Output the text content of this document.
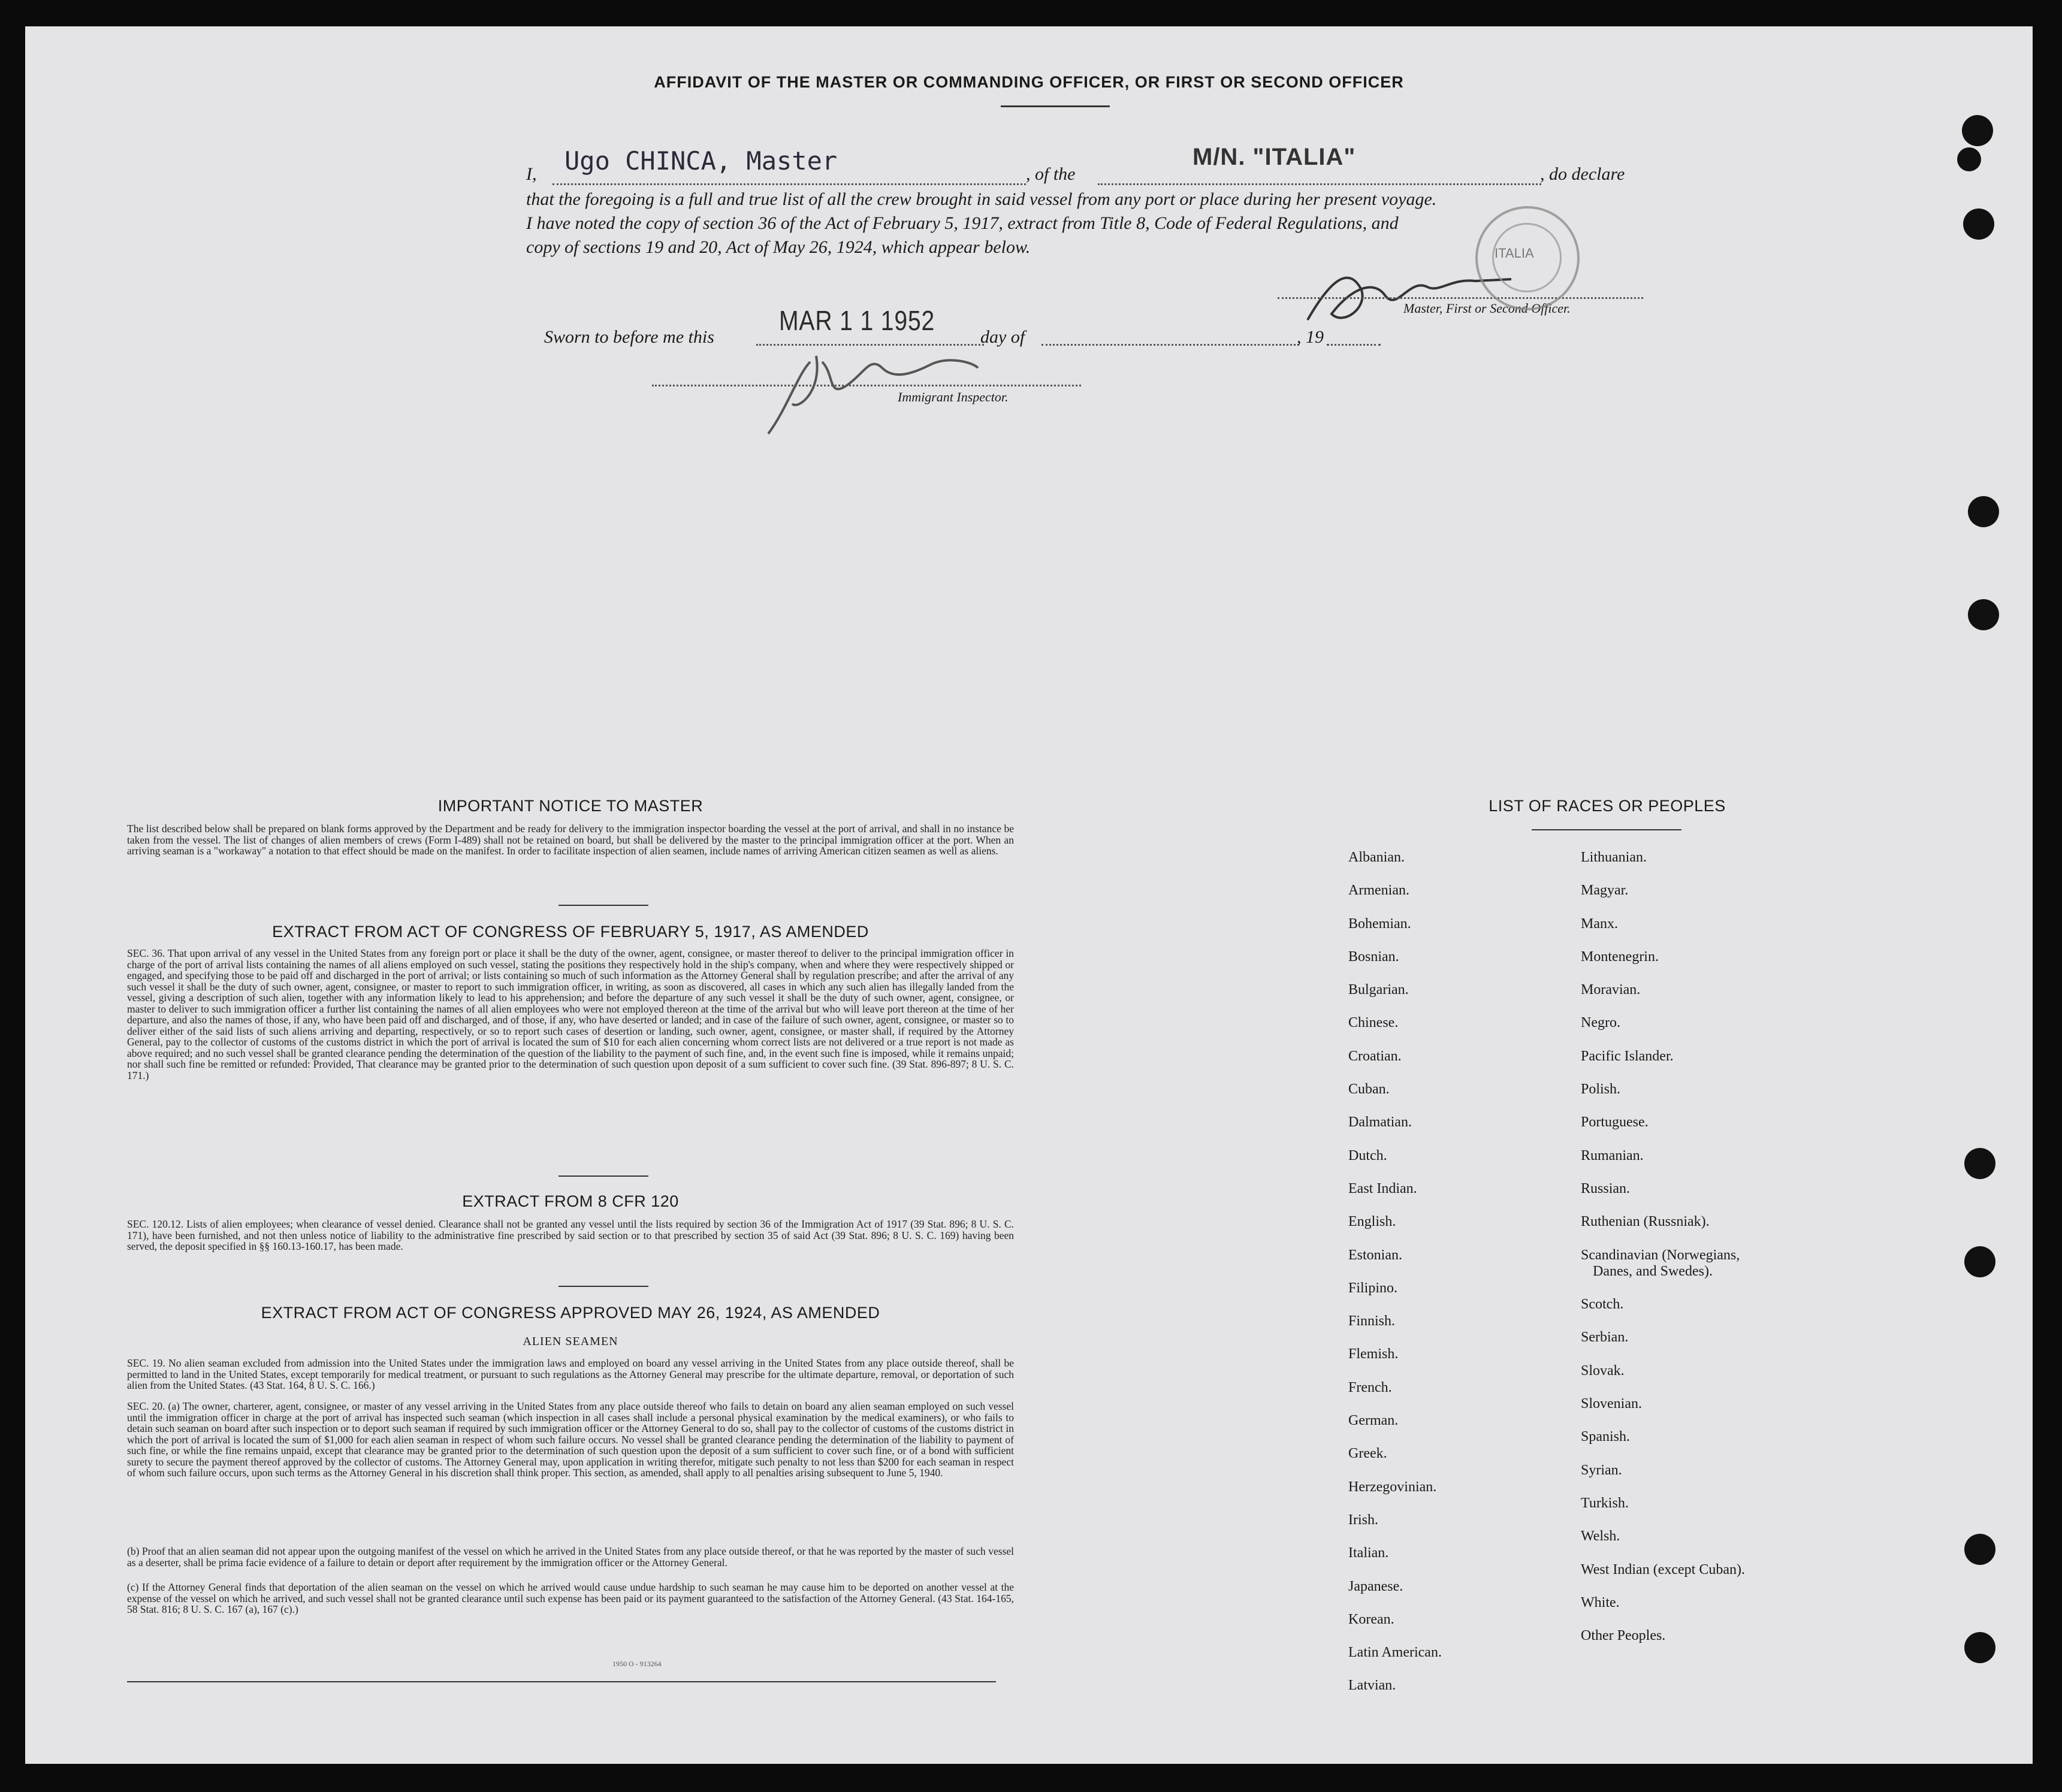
AFFIDAVIT OF THE MASTER OR COMMANDING OFFICER, OR FIRST OR SECOND OFFICER
I, Ugo CHINCA, Master	, of the
M/N. "ITALIA"
, do declare
that the foregoing is a full and true list of all the crew brought in said vessel from any port or place during her present voyage.
I have noted the copy of section 36 of the Act of February 5, 1917, extract from Title 8, Code of Federal Regulations, and
copy of sections 19 and 20, Act of May 26, 1924, which appear below.
Master, First or Second Officer.
ITALIA
Sworn to before me this
MAR 1 1 1952
day of	, 19
Immigrant Inspector.
IMPORTANT NOTICE TO MASTER
The list described below shall be prepared on blank forms approved by the Department and be ready for delivery to the immigration inspector boarding the vessel at the port of arrival, and shall in no instance be taken from the vessel. The list of changes of alien members of crews (Form I-489) shall not be retained on board, but shall be delivered by the master to the principal immigration officer at the port. When an arriving seaman is a "workaway" a notation to that effect should be made on the manifest. In order to facilitate inspection of alien seamen, include names of arriving American citizen seamen as well as aliens.
EXTRACT FROM ACT OF CONGRESS OF FEBRUARY 5, 1917, AS AMENDED
SEC. 36. That upon arrival of any vessel in the United States from any foreign port or place it shall be the duty of the owner, agent, consignee, or master thereof to deliver to the principal immigration officer in charge of the port of arrival lists containing the names of all aliens employed on such vessel, stating the positions they respectively hold in the ship's company, when and where they were respectively shipped or engaged, and specifying those to be paid off and discharged in the port of arrival; or lists containing so much of such information as the Attorney General shall by regulation prescribe; and after the arrival of any such vessel it shall be the duty of such owner, agent, consignee, or master to report to such immigration officer, in writing, as soon as discovered, all cases in which any such alien has illegally landed from the vessel, giving a description of such alien, together with any information likely to lead to his apprehension; and before the departure of any such vessel it shall be the duty of such owner, agent, consignee, or master to deliver to such immigration officer a further list containing the names of all alien employees who were not employed thereon at the time of the arrival but who will leave port thereon at the time of her departure, and also the names of those, if any, who have been paid off and discharged, and of those, if any, who have deserted or landed; and in case of the failure of such owner, agent, consignee, or master so to deliver either of the said lists of such aliens arriving and departing, respectively, or so to report such cases of desertion or landing, such owner, agent, consignee, or master shall, if required by the Attorney General, pay to the collector of customs of the customs district in which the port of arrival is located the sum of $10 for each alien concerning whom correct lists are not delivered or a true report is not made as above required; and no such vessel shall be granted clearance pending the determination of the question of the liability to the payment of such fine, and, in the event such fine is imposed, while it remains unpaid; nor shall such fine be remitted or refunded: Provided, That clearance may be granted prior to the determination of such question upon deposit of a sum sufficient to cover such fine. (39 Stat. 896-897; 8 U. S. C. 171.)
EXTRACT FROM 8 CFR 120
SEC. 120.12. Lists of alien employees; when clearance of vessel denied. Clearance shall not be granted any vessel until the lists required by section 36 of the Immigration Act of 1917 (39 Stat. 896; 8 U. S. C. 171), have been furnished, and not then unless notice of liability to the administrative fine prescribed by said section or to that prescribed by section 35 of said Act (39 Stat. 896; 8 U. S. C. 169) having been served, the deposit specified in §§ 160.13-160.17, has been made.
EXTRACT FROM ACT OF CONGRESS APPROVED MAY 26, 1924, AS AMENDED
ALIEN SEAMEN
SEC. 19. No alien seaman excluded from admission into the United States under the immigration laws and employed on board any vessel arriving in the United States from any place outside thereof, shall be permitted to land in the United States, except temporarily for medical treatment, or pursuant to such regulations as the Attorney General may prescribe for the ultimate departure, removal, or deportation of such alien from the United States. (43 Stat. 164, 8 U. S. C. 166.)
SEC. 20. (a) The owner, charterer, agent, consignee, or master of any vessel arriving in the United States from any place outside thereof who fails to detain on board any alien seaman employed on such vessel until the immigration officer in charge at the port of arrival has inspected such seaman (which inspection in all cases shall include a personal physical examination by the medical examiners), or who fails to detain such seaman on board after such inspection or to deport such seaman if required by such immigration officer or the Attorney General to do so, shall pay to the collector of customs of the customs district in which the port of arrival is located the sum of $1,000 for each alien seaman in respect of whom such failure occurs. No vessel shall be granted clearance pending the determination of the liability to payment of such fine, or while the fine remains unpaid, except that clearance may be granted prior to the determination of such question upon the deposit of a sum sufficient to cover such fine, or of a bond with sufficient surety to secure the payment thereof approved by the collector of customs. The Attorney General may, upon application in writing therefor, mitigate such penalty to not less than $200 for each seaman in respect of whom such failure occurs, upon such terms as the Attorney General in his discretion shall think proper. This section, as amended, shall apply to all penalties arising subsequent to June 5, 1940.
(b) Proof that an alien seaman did not appear upon the outgoing manifest of the vessel on which he arrived in the United States from any place outside thereof, or that he was reported by the master of such vessel as a deserter, shall be prima facie evidence of a failure to detain or deport after requirement by the immigration officer or the Attorney General.
(c) If the Attorney General finds that deportation of the alien seaman on the vessel on which he arrived would cause undue hardship to such seaman he may cause him to be deported on another vessel at the expense of the vessel on which he arrived, and such vessel shall not be granted clearance until such expense has been paid or its payment guaranteed to the satisfaction of the Attorney General. (43 Stat. 164-165, 58 Stat. 816; 8 U. S. C. 167 (a), 167 (c).)
1950 O - 913264
LIST OF RACES OR PEOPLES
Albanian.
Armenian.
Bohemian.
Bosnian.
Bulgarian.
Chinese.
Croatian.
Cuban.
Dalmatian.
Dutch.
East Indian.
English.
Estonian.
Filipino.
Finnish.
Flemish.
French.
German.
Greek.
Herzegovinian.
Irish.
Italian.
Japanese.
Korean.
Latin American.
Latvian.
Lithuanian.
Magyar.
Manx.
Montenegrin.
Moravian.
Negro.
Pacific Islander.
Polish.
Portuguese.
Rumanian.
Russian.
Ruthenian (Russniak).
Scandinavian (Norwegians,
Danes, and Swedes).
Scotch.
Serbian.
Slovak.
Slovenian.
Spanish.
Syrian.
Turkish.
Welsh.
West Indian (except Cuban).
White.
Other Peoples.
